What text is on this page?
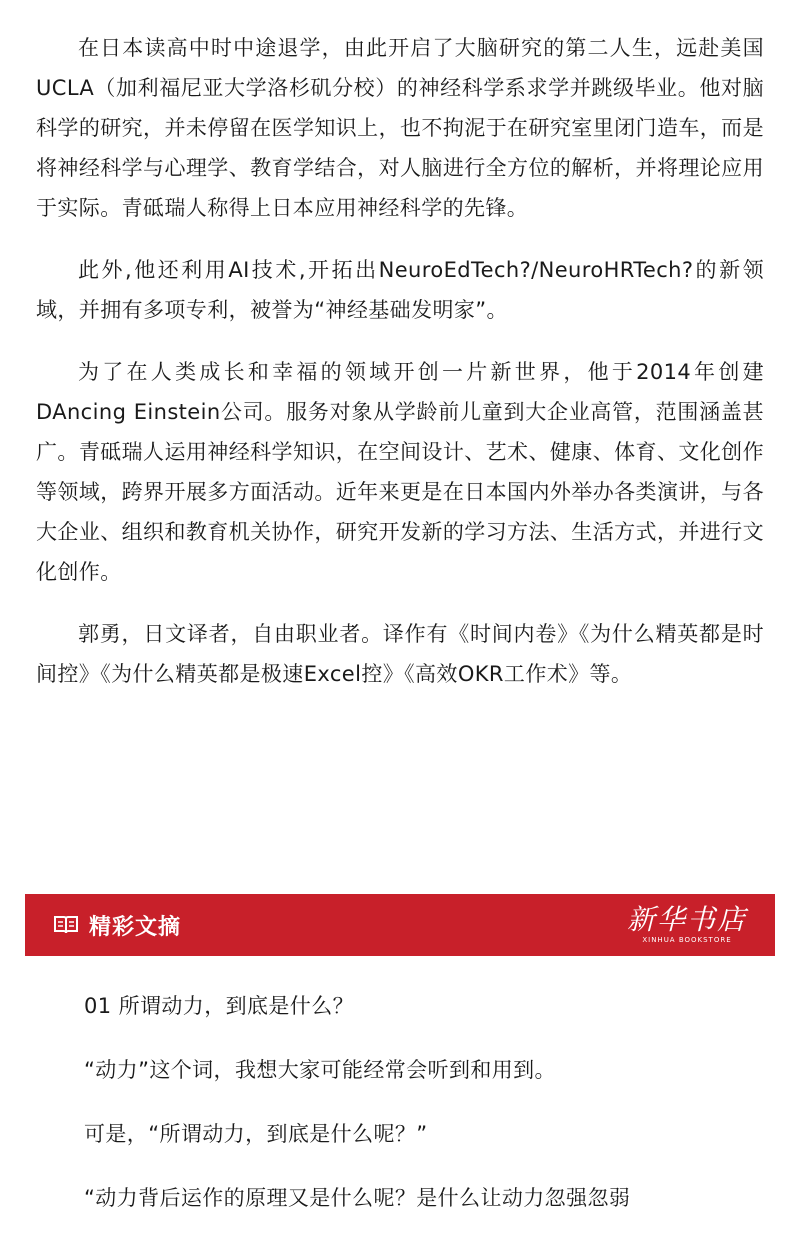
在日本读高中时中途退学，由此开启了大脑研究的第二人生，远赴美国UCLA（加利福尼亚大学洛杉矶分校）的神经科学系求学并跳级毕业。他对脑科学的研究，并未停留在医学知识上，也不拘泥于在研究室里闭门造车，而是将神经科学与心理学、教育学结合，对人脑进行全方位的解析，并将理论应用于实际。青砥瑞人称得上日本应用神经科学的先锋。

此外,他还利用AI技术,开拓出NeuroEdTech?/NeuroHRTech?的新领域，并拥有多项专利，被誉为“神经基础发明家”。

为了在人类成长和幸福的领域开创一片新世界，他于2014年创建DAncing Einstein公司。服务对象从学龄前儿童到大企业高管，范围涵盖甚广。青砥瑞人运用神经科学知识，在空间设计、艺术、健康、体育、文化创作等领域，跨界开展多方面活动。近年来更是在日本国内外举办各类演讲，与各大企业、组织和教育机关协作，研究开发新的学习方法、生活方式，并进行文化创作。

郭勇，日文译者，自由职业者。译作有《时间内卷》《为什么精英都是时间控》《为什么精英都是极速Excel控》《高效OKR工作术》等。

精彩文摘	新华书店
XINHUA BOOKSTORE

01 所谓动力，到底是什么？

“动力”这个词，我想大家可能经常会听到和用到。

可是，“所谓动力，到底是什么呢？”

“动力背后运作的原理又是什么呢？是什么让动力忽强忽弱
